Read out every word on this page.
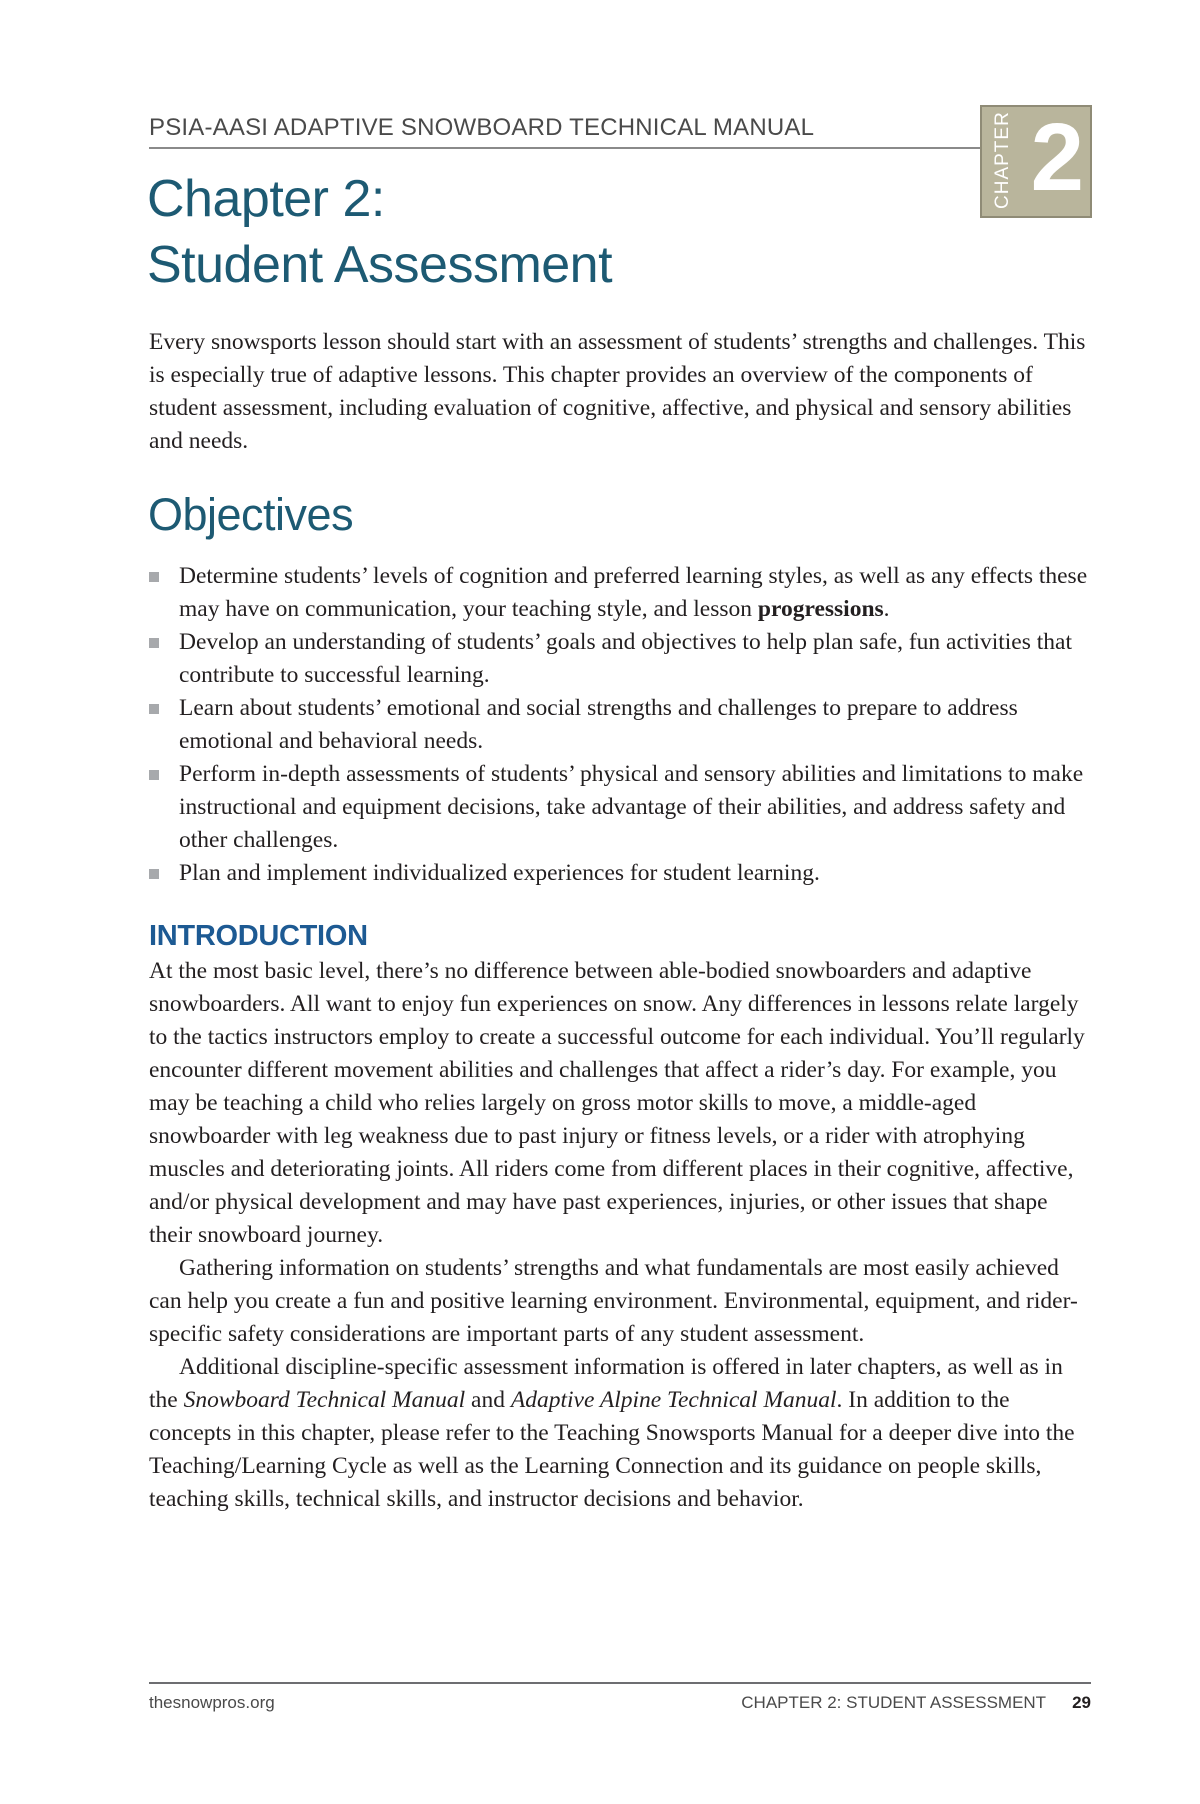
PSIA-AASI ADAPTIVE SNOWBOARD TECHNICAL MANUAL	CHAPTER 2
Chapter 2:
Student Assessment

Every snowsports lesson should start with an assessment of students’ strengths and challenges. This is especially true of adaptive lessons. This chapter provides an overview of the components of student assessment, including evaluation of cognitive, affective, and physical and sensory abilities and needs.

Objectives
Determine students’ levels of cognition and preferred learning styles, as well as any effects these may have on communication, your teaching style, and lesson progressions.
Develop an understanding of students’ goals and objectives to help plan safe, fun activities that contribute to successful learning.
Learn about students’ emotional and social strengths and challenges to prepare to address emotional and behavioral needs.
Perform in-depth assessments of students’ physical and sensory abilities and limitations to make instructional and equipment decisions, take advantage of their abilities, and address safety and other challenges.
Plan and implement individualized experiences for student learning.
INTRODUCTION

At the most basic level, there’s no difference between able-bodied snowboarders and adaptive snowboarders. All want to enjoy fun experiences on snow. Any differences in lessons relate largely to the tactics instructors employ to create a successful outcome for each individual. You’ll regularly encounter different movement abilities and challenges that affect a rider’s day. For example, you may be teaching a child who relies largely on gross motor skills to move, a middle-aged snowboarder with leg weakness due to past injury or fitness levels, or a rider with atrophying muscles and deteriorating joints. All riders come from different places in their cognitive, affective, and/or physical development and may have past experiences, injuries, or other issues that shape their snowboard journey.

Gathering information on students’ strengths and what fundamentals are most easily achieved can help you create a fun and positive learning environment. Environmental, equipment, and rider-specific safety considerations are important parts of any student assessment.

Additional discipline-specific assessment information is offered in later chapters, as well as in the Snowboard Technical Manual and Adaptive Alpine Technical Manual. In addition to the concepts in this chapter, please refer to the Teaching Snowsports Manual for a deeper dive into the Teaching/Learning Cycle as well as the Learning Connection and its guidance on people skills, teaching skills, technical skills, and instructor decisions and behavior.

thesnowpros.org	CHAPTER 2: STUDENT ASSESSMENT 29
